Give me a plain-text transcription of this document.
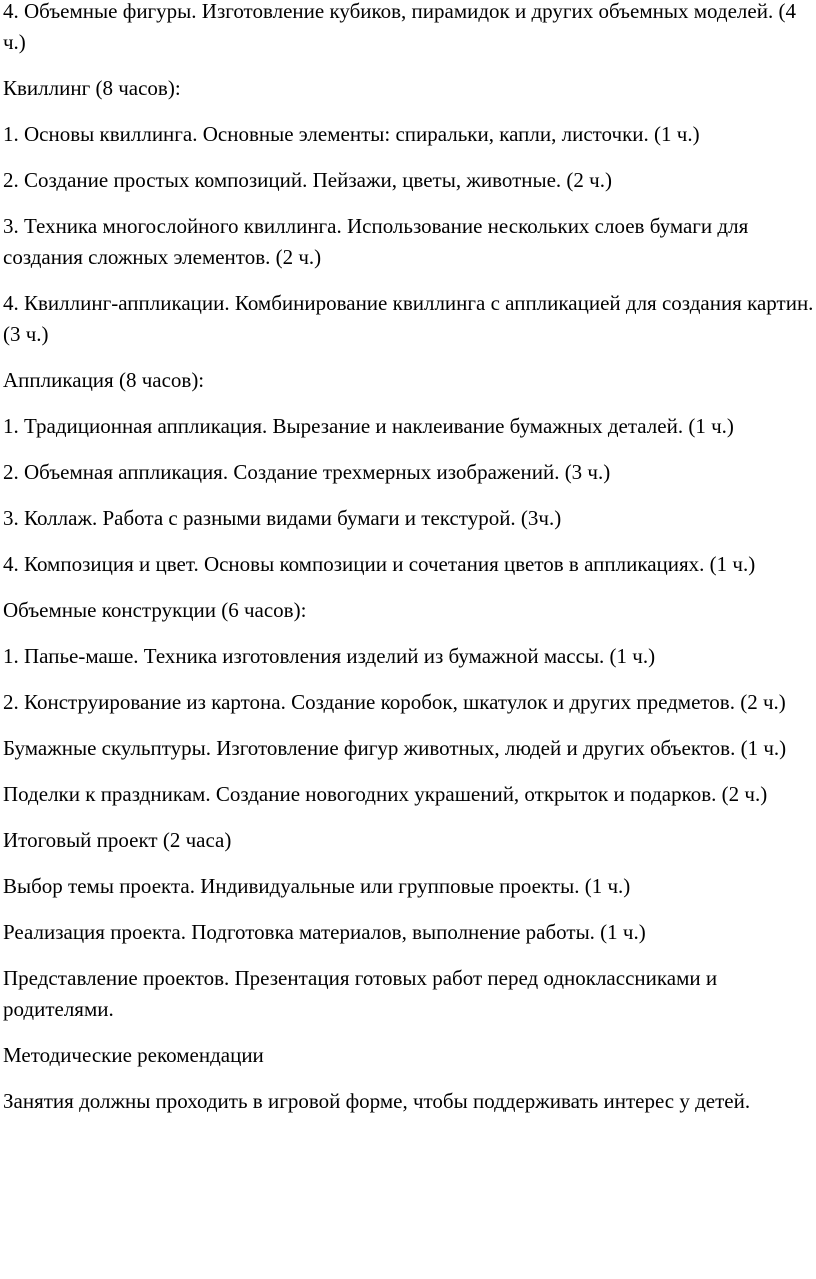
4. Объемные фигуры. Изготовление кубиков, пирамидок и других объемных моделей. (4 ч.)

Квиллинг (8 часов):

1. Основы квиллинга. Основные элементы: спиральки, капли, листочки. (1 ч.)

2. Создание простых композиций. Пейзажи, цветы, животные. (2 ч.)

3. Техника многослойного квиллинга. Использование нескольких слоев бумаги для создания сложных элементов. (2 ч.)

4. Квиллинг-аппликации. Комбинирование квиллинга с аппликацией для создания картин. (3 ч.)

Аппликация (8 часов):

1. Традиционная аппликация. Вырезание и наклеивание бумажных деталей. (1 ч.)

2. Объемная аппликация. Создание трехмерных изображений. (3 ч.)

3. Коллаж. Работа с разными видами бумаги и текстурой. (3ч.)

4. Композиция и цвет. Основы композиции и сочетания цветов в аппликациях. (1 ч.)

Объемные конструкции (6 часов):

1. Папье-маше. Техника изготовления изделий из бумажной массы. (1 ч.)

2. Конструирование из картона. Создание коробок, шкатулок и других предметов. (2 ч.)

Бумажные скульптуры. Изготовление фигур животных, людей и других объектов. (1 ч.)

Поделки к праздникам. Создание новогодних украшений, открыток и подарков. (2 ч.)

Итоговый проект (2 часа)

Выбор темы проекта. Индивидуальные или групповые проекты. (1 ч.)

Реализация проекта. Подготовка материалов, выполнение работы. (1 ч.)

Представление проектов. Презентация готовых работ перед одноклассниками и родителями.

Методические рекомендации

Занятия должны проходить в игровой форме, чтобы поддерживать интерес у детей.
